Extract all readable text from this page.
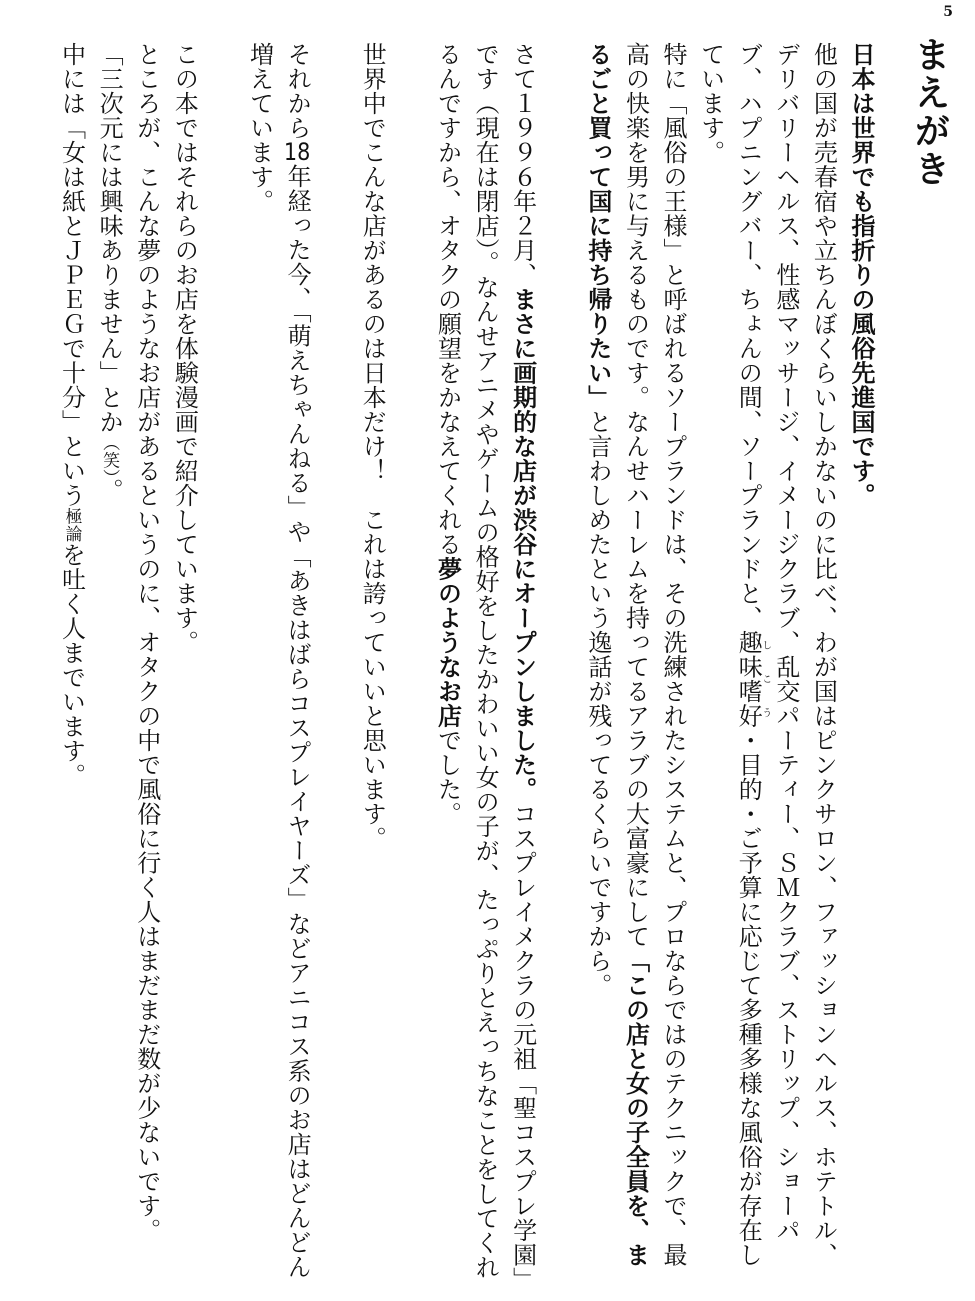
5
まえがき

日本は世界でも指折りの風俗先進国です。

他の国が売春宿や立ちんぼくらいしかないのに比べ、わが国はピンクサロン、ファッションヘルス、ホテトル、デリバリーヘルス、性感マッサージ、イメージクラブ、乱交パーティー、ＳＭクラブ、ストリップ、ショーパブ、ハプニングバー、ちょんの間、ソープランドと、趣味嗜好しこう・目的・ご予算に応じて多種多様な風俗が存在しています。

特に「風俗の王様」と呼ばれるソープランドは、その洗練されたシステムと、プロならではのテクニックで、最高の快楽を男に与えるものです。なんせハーレムを持ってるアラブの大富豪にして「この店と女の子全員を、まるごと買って国に持ち帰りたい」と言わしめたという逸話が残ってるくらいですから。

さて１９９６年２月、まさに画期的な店が渋谷にオープンしました。コスプレイメクラの元祖「聖コスプレ学園」です（現在は閉店）。なんせアニメやゲームの格好をしたかわいい女の子が、たっぷりとえっちなことをしてくれるんですから、オタクの願望をかなえてくれる夢のようなお店でした。

世界中でこんな店があるのは日本だけ！　これは誇っていいと思います。

それから18年経った今、「萌えちゃんねる」や「あきはばらコスプレイヤーズ」などアニコス系のお店はどんどん増えています。

この本ではそれらのお店を体験漫画で紹介しています。

ところが、こんな夢のようなお店があるというのに、オタクの中で風俗に行く人はまだまだ数が少ないです。
「三次元には興味ありません」とか（笑）。

中には「女は紙とＪＰＥＧで十分」という極論を吐く人までいます。
